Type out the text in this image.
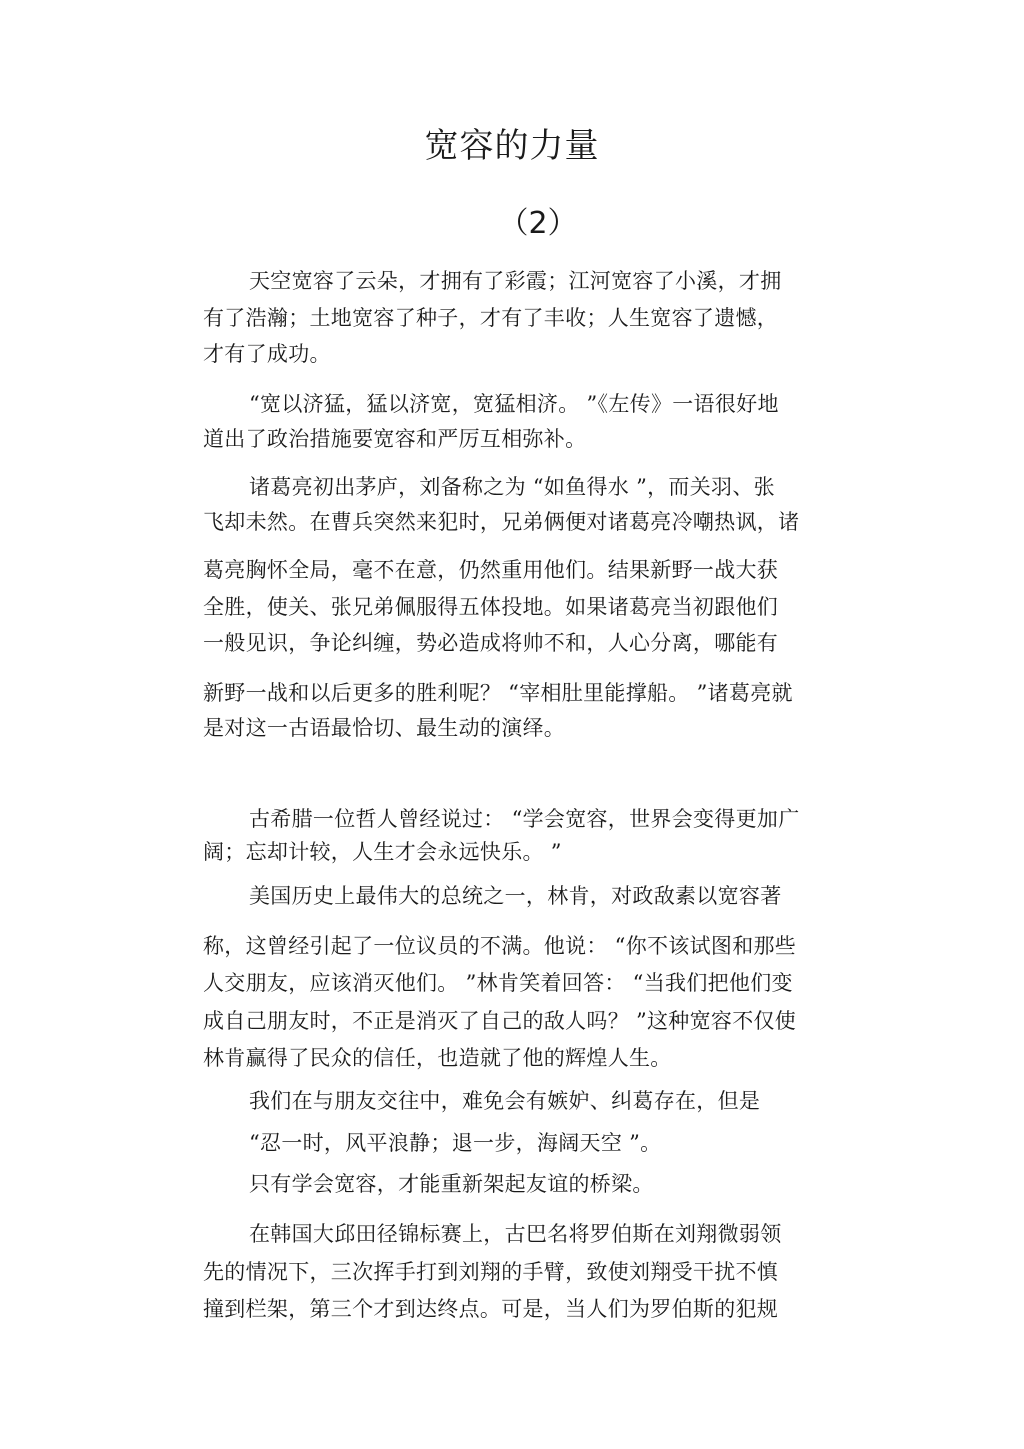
宽容的力量
（2）
天空宽容了云朵，才拥有了彩霞；江河宽容了小溪，才拥
有了浩瀚；土地宽容了种子，才有了丰收；人生宽容了遗憾，
才有了成功。
“宽以济猛，猛以济宽，宽猛相济。 ”《左传》一语很好地
道出了政治措施要宽容和严厉互相弥补。
诸葛亮初出茅庐，刘备称之为 “如鱼得水 ”，而关羽、张
飞却未然。在曹兵突然来犯时，兄弟俩便对诸葛亮冷嘲热讽，诸
葛亮胸怀全局，毫不在意，仍然重用他们。结果新野一战大获
全胜，使关、张兄弟佩服得五体投地。如果诸葛亮当初跟他们
一般见识，争论纠缠，势必造成将帅不和，人心分离，哪能有
新野一战和以后更多的胜利呢？ “宰相肚里能撑船。 ”诸葛亮就
是对这一古语最恰切、最生动的演绎。
古希腊一位哲人曾经说过： “学会宽容，世界会变得更加广
阔；忘却计较，人生才会永远快乐。 ”
美国历史上最伟大的总统之一，林肯，对政敌素以宽容著
称，这曾经引起了一位议员的不满。他说： “你不该试图和那些
人交朋友，应该消灭他们。 ”林肯笑着回答： “当我们把他们变
成自己朋友时，不正是消灭了自己的敌人吗？ ”这种宽容不仅使
林肯赢得了民众的信任，也造就了他的辉煌人生。
我们在与朋友交往中，难免会有嫉妒、纠葛存在，但是
“忍一时，风平浪静；退一步，海阔天空 ”。
只有学会宽容，才能重新架起友谊的桥梁。
在韩国大邱田径锦标赛上，古巴名将罗伯斯在刘翔微弱领
先的情况下，三次挥手打到刘翔的手臂，致使刘翔受干扰不慎
撞到栏架，第三个才到达终点。可是，当人们为罗伯斯的犯规
